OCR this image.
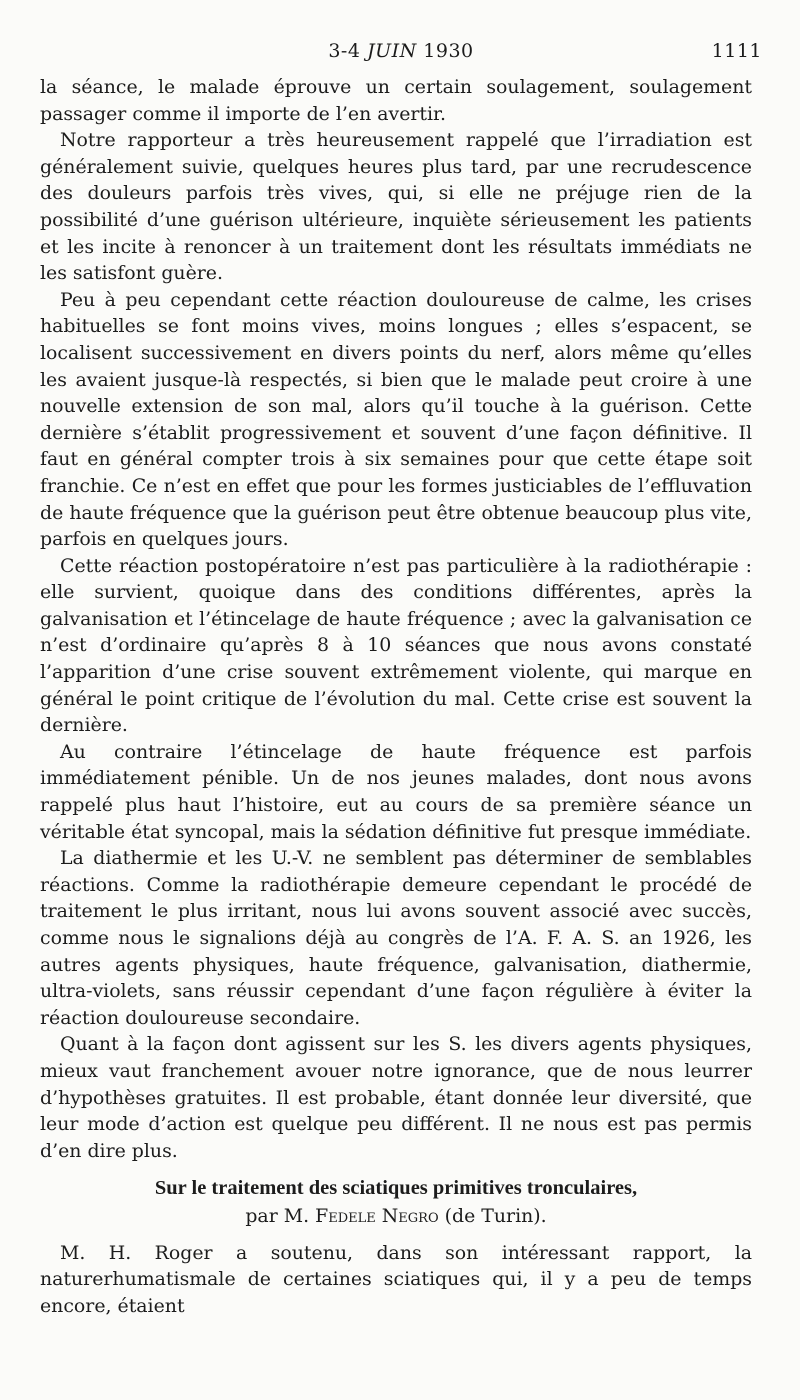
3-4 JUIN 1930	1111

la séance, le malade éprouve un certain soulagement, soulagement passager comme il importe de l’en avertir.

Notre rapporteur a très heureusement rappelé que l’irradiation est généralement suivie, quelques heures plus tard, par une recrudescence des douleurs parfois très vives, qui, si elle ne préjuge rien de la possibilité d’une guérison ultérieure, inquiète sérieusement les patients et les incite à renoncer à un traitement dont les résultats immédiats ne les satisfont guère.

Peu à peu cependant cette réaction douloureuse de calme, les crises habituelles se font moins vives, moins longues ; elles s’espacent, se localisent successivement en divers points du nerf, alors même qu’elles les avaient jusque-là respectés, si bien que le malade peut croire à une nouvelle extension de son mal, alors qu’il touche à la guérison. Cette dernière s’établit progressivement et souvent d’une façon définitive. Il faut en général compter trois à six semaines pour que cette étape soit franchie. Ce n’est en effet que pour les formes justiciables de l’effluvation de haute fréquence que la guérison peut être obtenue beaucoup plus vite, parfois en quelques jours.

Cette réaction postopératoire n’est pas particulière à la radiothérapie : elle survient, quoique dans des conditions différentes, après la galvanisation et l’étincelage de haute fréquence ; avec la galvanisation ce n’est d’ordinaire qu’après 8 à 10 séances que nous avons constaté l’apparition d’une crise souvent extrêmement violente, qui marque en général le point critique de l’évolution du mal. Cette crise est souvent la dernière.

Au contraire l’étincelage de haute fréquence est parfois immédiatement pénible. Un de nos jeunes malades, dont nous avons rappelé plus haut l’histoire, eut au cours de sa première séance un véritable état syncopal, mais la sédation définitive fut presque immédiate.

La diathermie et les U.-V. ne semblent pas déterminer de semblables réactions. Comme la radiothérapie demeure cependant le procédé de traitement le plus irritant, nous lui avons souvent associé avec succès, comme nous le signalions déjà au congrès de l’A. F. A. S. an 1926, les autres agents physiques, haute fréquence, galvanisation, diathermie, ultra-violets, sans réussir cependant d’une façon régulière à éviter la réaction douloureuse secondaire.

Quant à la façon dont agissent sur les S. les divers agents physiques, mieux vaut franchement avouer notre ignorance, que de nous leurrer d’hypothèses gratuites. Il est probable, étant donnée leur diversité, que leur mode d’action est quelque peu différent. Il ne nous est pas permis d’en dire plus.

Sur le traitement des sciatiques primitives tronculaires,
par M. Fedele Negro (de Turin).

M. H. Roger a soutenu, dans son intéressant rapport, la naturerhumatismale de certaines sciatiques qui, il y a peu de temps encore, étaient
